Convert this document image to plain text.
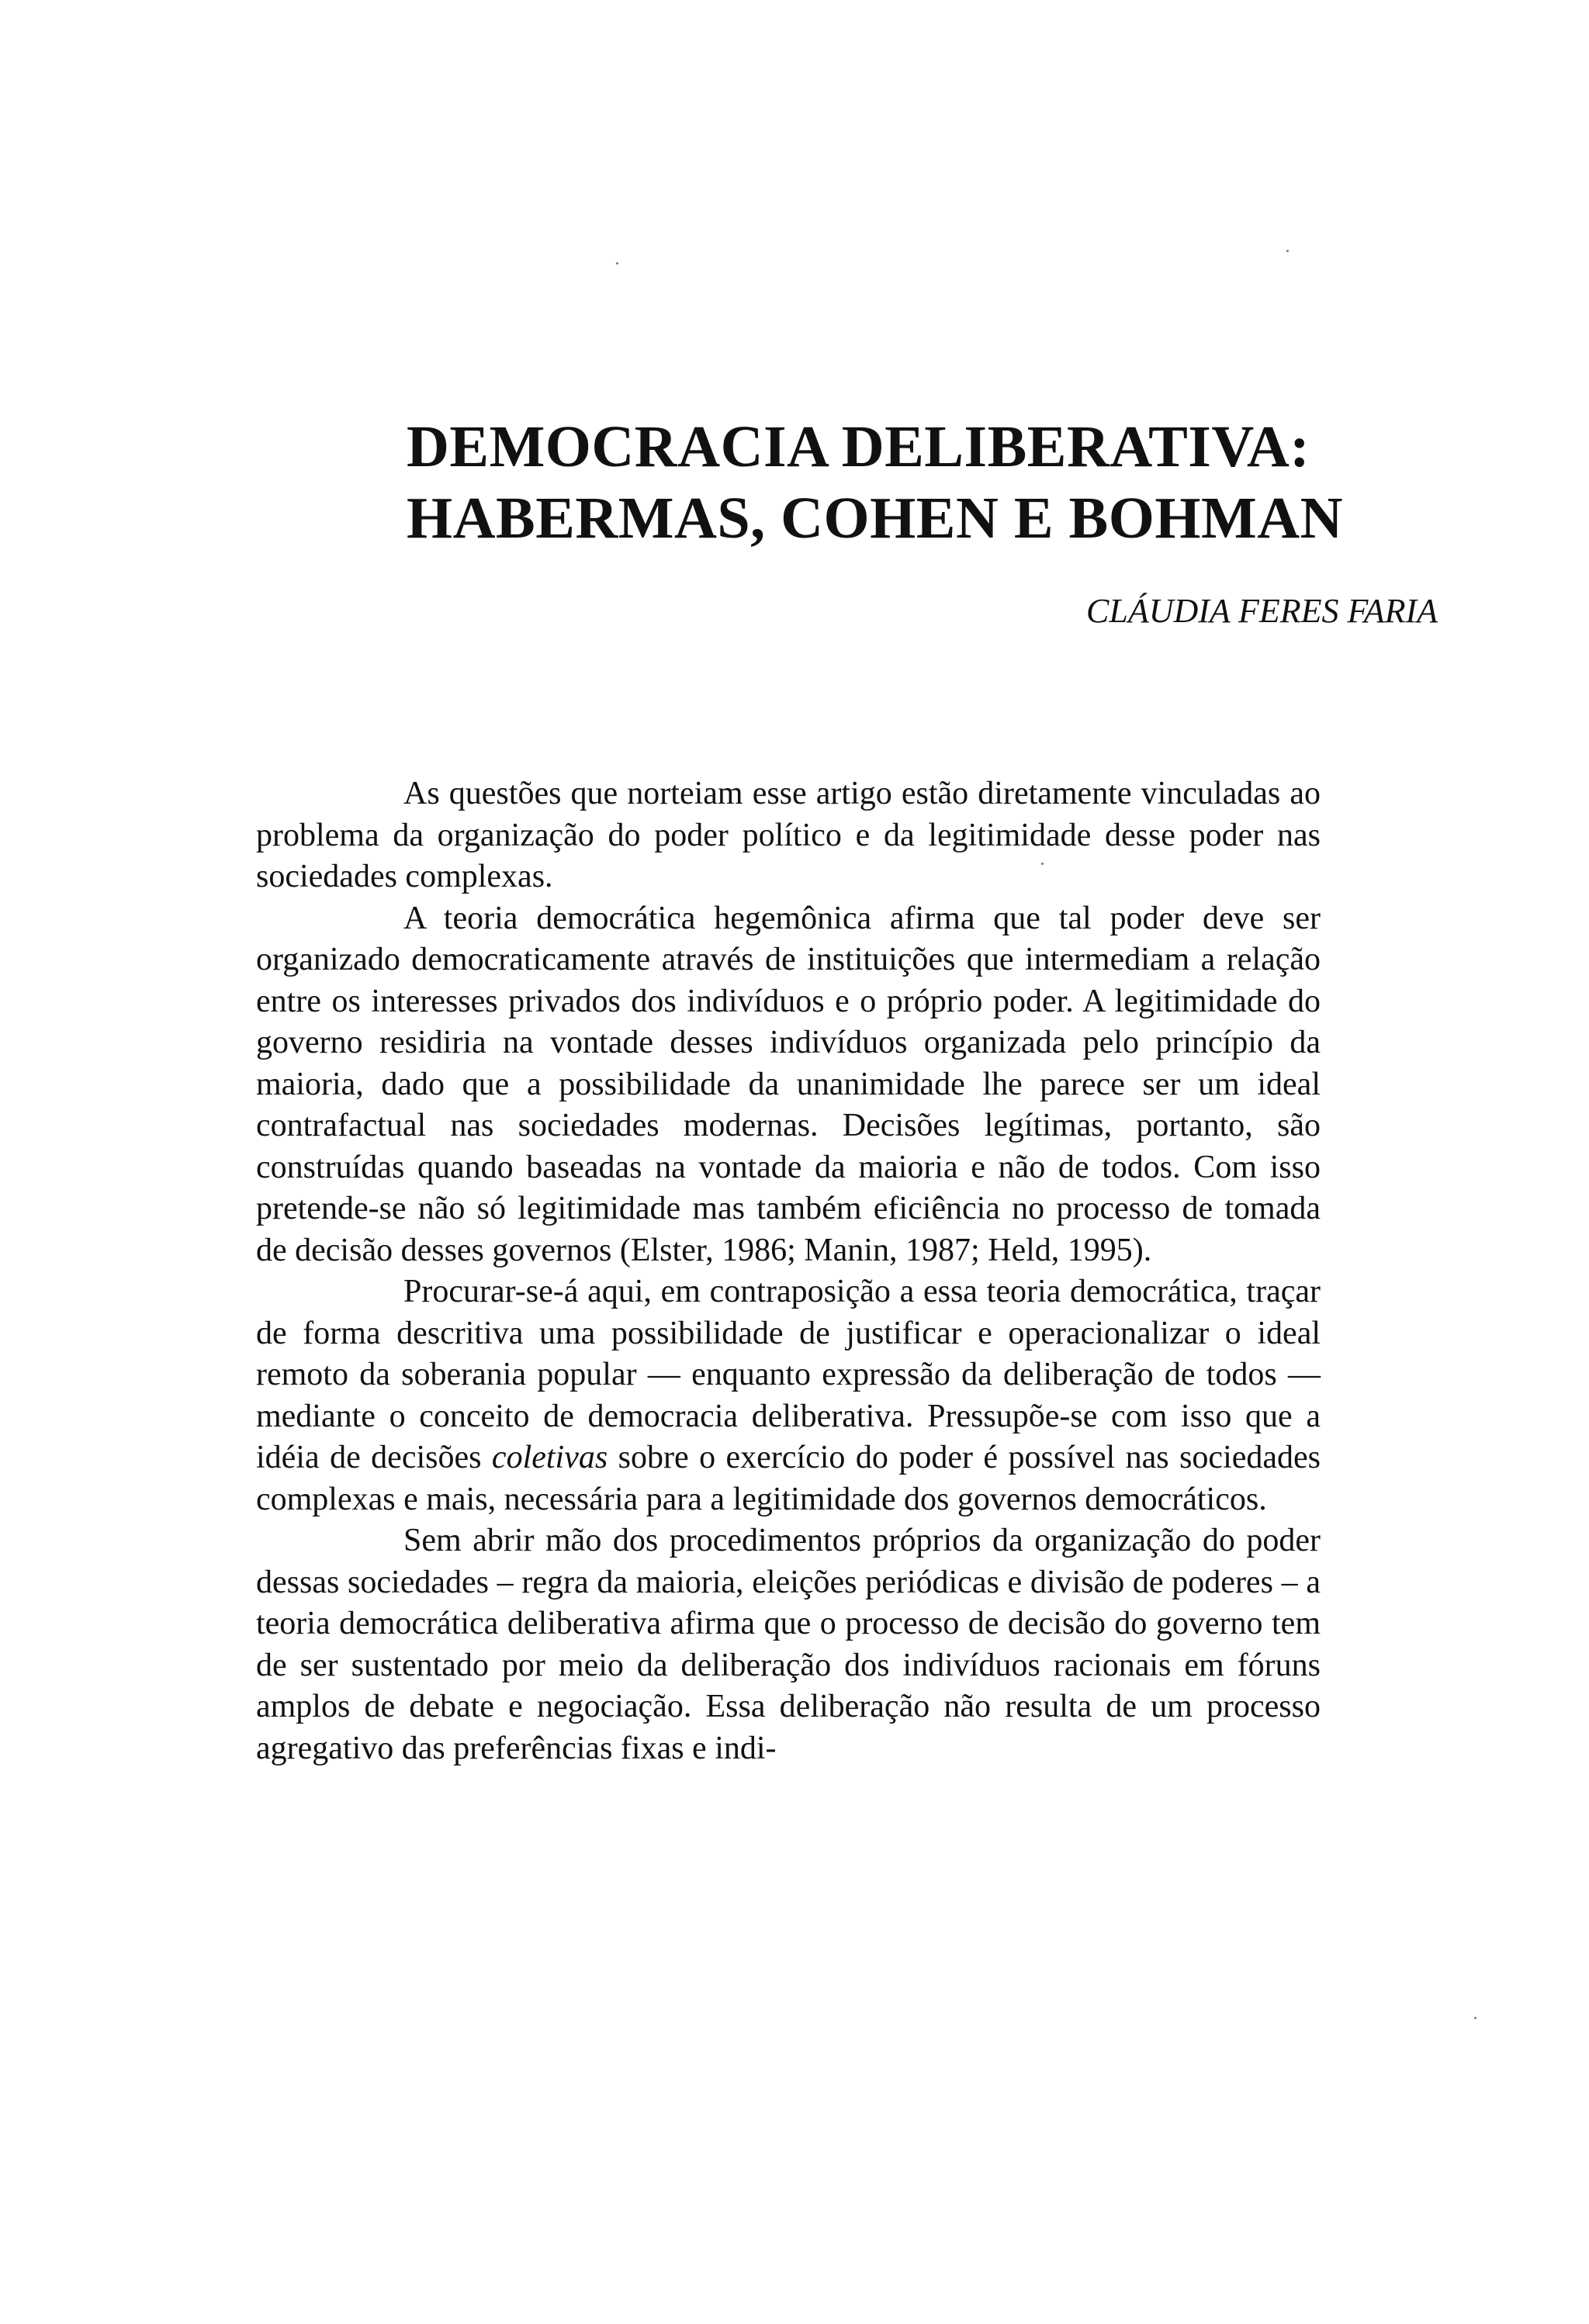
DEMOCRACIA DELIBERATIVA:
HABERMAS, COHEN E BOHMAN
CLÁUDIA FERES FARIA

As questões que norteiam esse artigo estão diretamente vinculadas ao problema da organização do poder político e da legitimidade desse poder nas sociedades complexas.

A teoria democrática hegemônica afirma que tal poder deve ser organizado democraticamente através de instituições que intermediam a relação entre os interesses privados dos indivíduos e o próprio poder. A legitimidade do governo residiria na vontade desses indivíduos organizada pelo princípio da maioria, dado que a possibilidade da unanimidade lhe parece ser um ideal contrafactual nas sociedades modernas. Decisões legítimas, portanto, são construídas quando baseadas na vontade da maioria e não de todos. Com isso pretende-se não só legitimidade mas também eficiência no processo de tomada de decisão desses governos (Elster, 1986; Manin, 1987; Held, 1995).

Procurar-se-á aqui, em contraposição a essa teoria democrática, traçar de forma descritiva uma possibilidade de justificar e operacionalizar o ideal remoto da soberania popular — enquanto expressão da deliberação de todos — mediante o conceito de democracia deliberativa. Pressupõe-se com isso que a idéia de decisões coletivas sobre o exercício do poder é possível nas sociedades complexas e mais, necessária para a legitimidade dos governos democráticos.

Sem abrir mão dos procedimentos próprios da organização do poder dessas sociedades – regra da maioria, eleições periódicas e divisão de poderes – a teoria democrática deliberativa afirma que o processo de decisão do governo tem de ser sustentado por meio da deliberação dos indivíduos racionais em fóruns amplos de debate e negociação. Essa deliberação não resulta de um processo agregativo das preferências fixas e indi-
